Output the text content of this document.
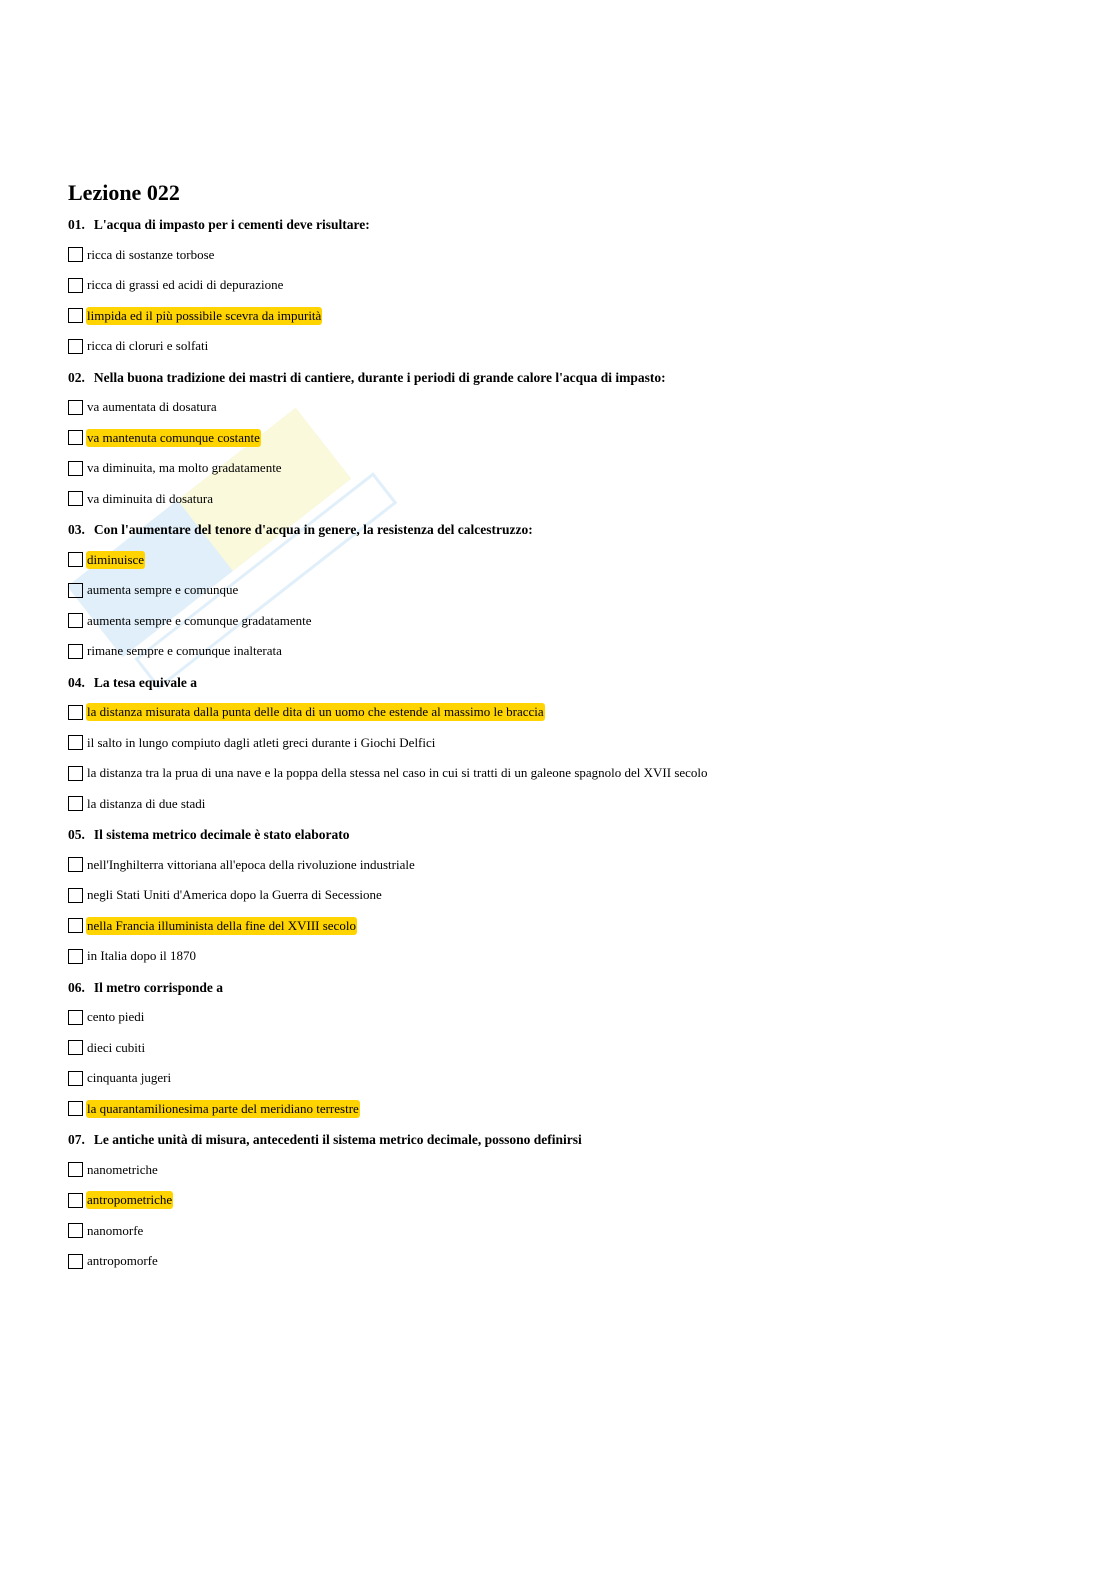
Lezione 022
01. L'acqua di impasto per i cementi deve risultare:
ricca di sostanze torbose
ricca di grassi ed acidi di depurazione
limpida ed il più possibile scevra da impurità
ricca di cloruri e solfati
02. Nella buona tradizione dei mastri di cantiere, durante i periodi di grande calore l'acqua di impasto:
va aumentata di dosatura
va mantenuta comunque costante
va diminuita, ma molto gradatamente
va diminuita di dosatura
03. Con l'aumentare del tenore d'acqua in genere, la resistenza del calcestruzzo:
diminuisce
aumenta sempre e comunque
aumenta sempre e comunque gradatamente
rimane sempre e comunque inalterata
04. La tesa equivale a
la distanza misurata dalla punta delle dita di un uomo che estende al massimo le braccia
il salto in lungo compiuto dagli atleti greci durante i Giochi Delfici
la distanza tra la prua di una nave e la poppa della stessa nel caso in cui si tratti di un galeone spagnolo del XVII secolo
la distanza di due stadi
05. Il sistema metrico decimale è stato elaborato
nell'Inghilterra vittoriana all'epoca della rivoluzione industriale
negli Stati Uniti d'America dopo la Guerra di Secessione
nella Francia illuminista della fine del XVIII secolo
in Italia dopo il 1870
06. Il metro corrisponde a
cento piedi
dieci cubiti
cinquanta jugeri
la quarantamilionesima parte del meridiano terrestre
07. Le antiche unità di misura, antecedenti il sistema metrico decimale, possono definirsi
nanometriche
antropometriche
nanomorfe
antropomorfe
